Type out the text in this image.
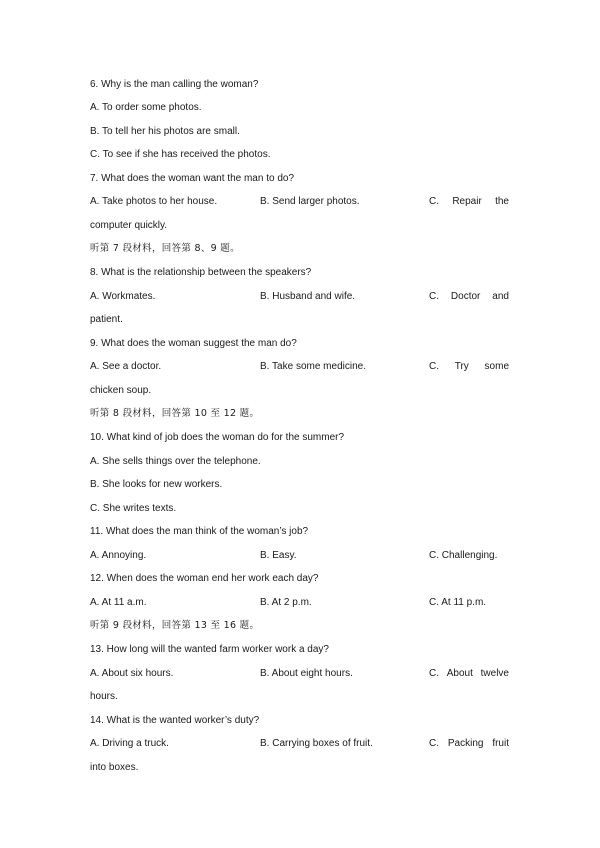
6. Why is the man calling the woman?
A. To order some photos.
B. To tell her his photos are small.
C. To see if she has received the photos.
7. What does the woman want the man to do?
A. Take photos to her house.	B. Send larger photos.	C. Repair the
computer quickly.
听第 7 段材料，回答第 8、9 题。
8. What is the relationship between the speakers?
A. Workmates.	B. Husband and wife.	C. Doctor and
patient.
9. What does the woman suggest the man do?
A. See a doctor.	B. Take some medicine.	C. Try some
chicken soup.
听第 8 段材料，回答第 10 至 12 题。
10. What kind of job does the woman do for the summer?
A. She sells things over the telephone.
B. She looks for new workers.
C. She writes texts.
11. What does the man think of the woman’s job?
A. Annoying.	B. Easy.	C. Challenging.
12. When does the woman end her work each day?
A. At 11 a.m.	B. At 2 p.m.	C. At 11 p.m.
听第 9 段材料，回答第 13 至 16 题。
13. How long will the wanted farm worker work a day?
A. About six hours.	B. About eight hours.	C. About twelve
hours.
14. What is the wanted worker’s duty?
A. Driving a truck.	B. Carrying boxes of fruit.	C. Packing fruit
into boxes.
